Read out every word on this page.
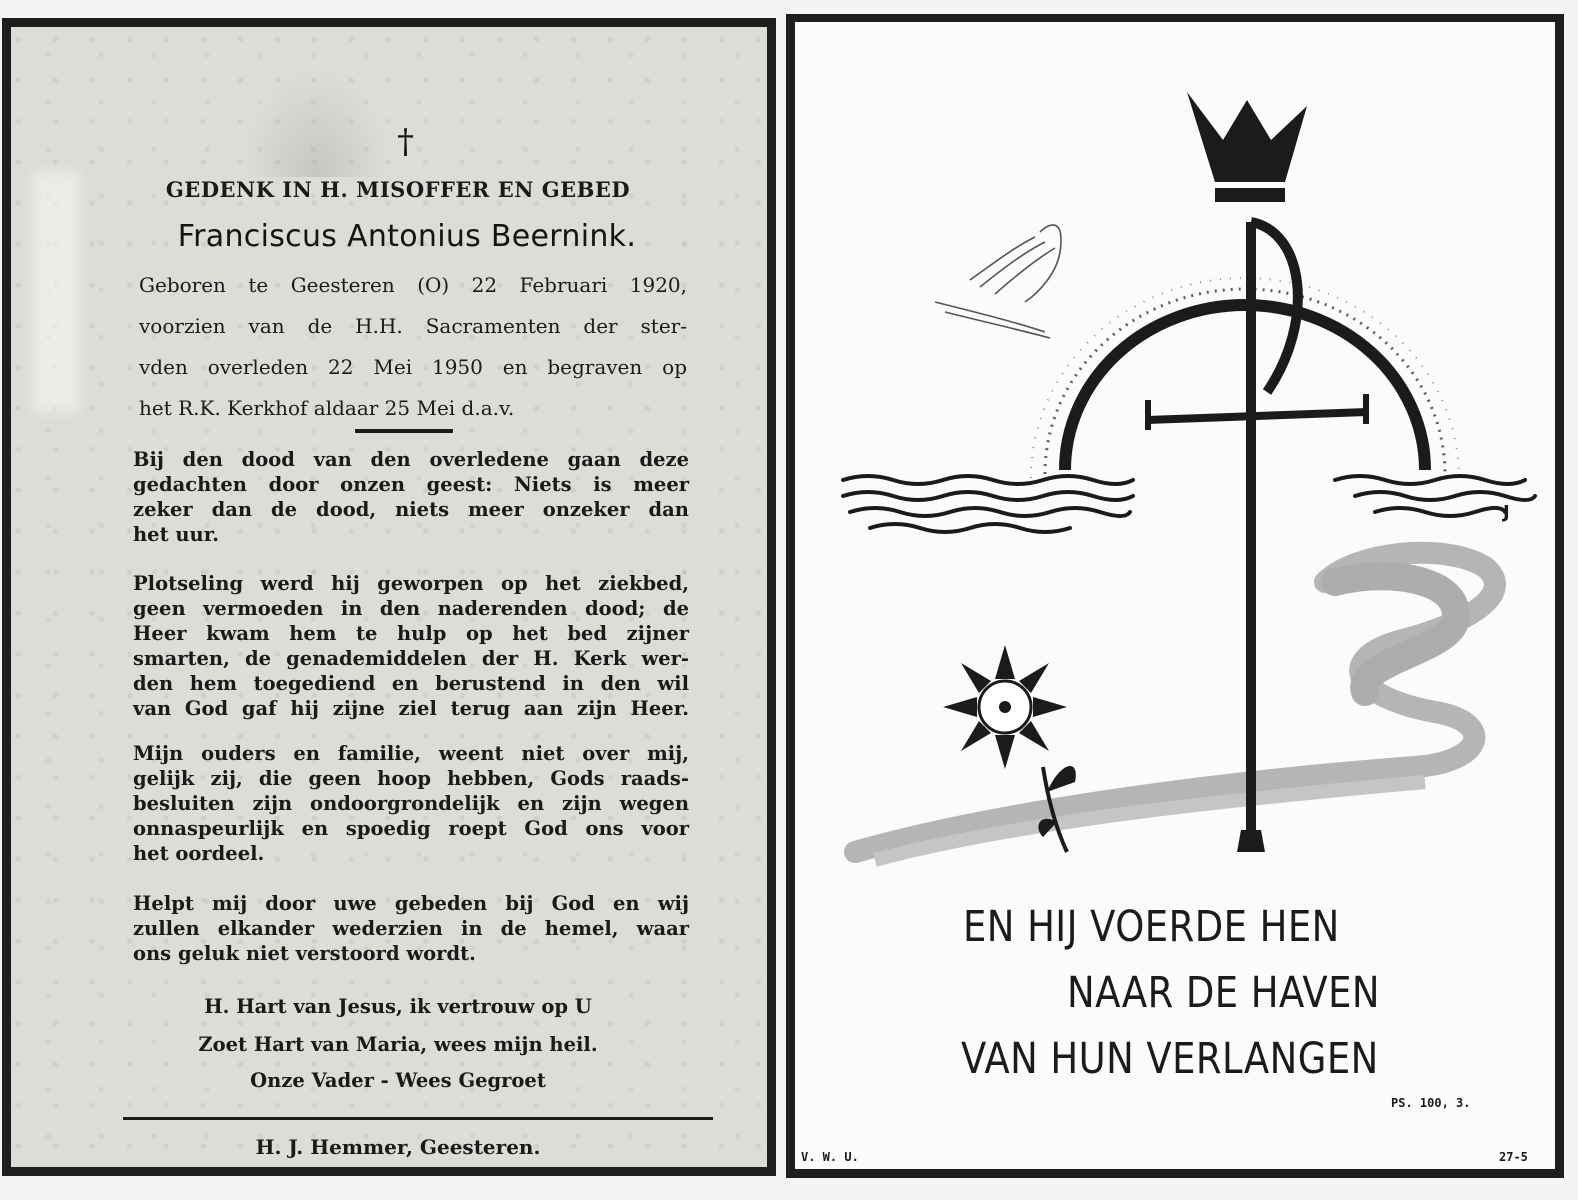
†
GEDENK IN H. MISOFFER EN GEBED
Franciscus Antonius Beernink.
Geboren te Geesteren (O) 22 Februari 1920,
voorzien van de H.H. Sacramenten der ster-
vden overleden 22 Mei 1950 en begraven op
het R.K. Kerkhof aldaar 25 Mei d.a.v.
Bij den dood van den overledene gaan deze
gedachten door onzen geest: Niets is meer
zeker dan de dood, niets meer onzeker dan
het uur.
Plotseling werd hij geworpen op het ziekbed,
geen vermoeden in den naderenden dood; de
Heer kwam hem te hulp op het bed zijner
smarten, de genademiddelen der H. Kerk wer-
den hem toegediend en berustend in den wil
van God gaf hij zijne ziel terug aan zijn Heer.
Mijn ouders en familie, weent niet over mij,
gelijk zij, die geen hoop hebben, Gods raads-
besluiten zijn ondoorgrondelijk en zijn wegen
onnaspeurlijk en spoedig roept God ons voor
het oordeel.
Helpt mij door uwe gebeden bij God en wij
zullen elkander wederzien in de hemel, waar
ons geluk niet verstoord wordt.
H. Hart van Jesus, ik vertrouw op U
Zoet Hart van Maria, wees mijn heil.
Onze Vader - Wees Gegroet
H. J. Hemmer, Geesteren.
J
EN HIJ VOERDE HEN
NAAR DE HAVEN
VAN HUN VERLANGEN
PS. 100, 3.
V. W. U.	27-5
